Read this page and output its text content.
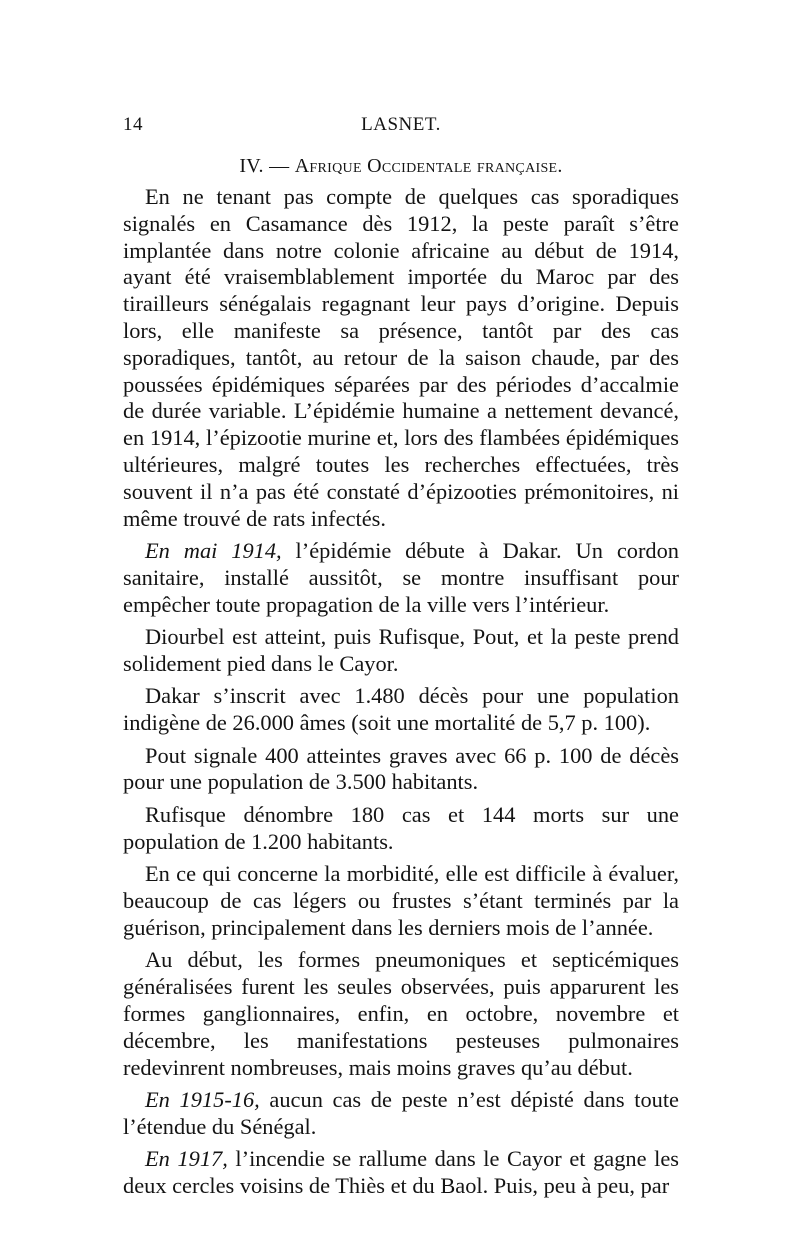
14	LASNET.
IV. — Afrique Occidentale française.

En ne tenant pas compte de quelques cas sporadiques signalés en Casamance dès 1912, la peste paraît s’être implantée dans notre colonie africaine au début de 1914, ayant été vraisemblablement importée du Maroc par des tirailleurs sénégalais regagnant leur pays d’origine. Depuis lors, elle manifeste sa présence, tantôt par des cas sporadiques, tantôt, au retour de la saison chaude, par des poussées épidémiques séparées par des périodes d’accalmie de durée variable. L’épidémie humaine a nettement devancé, en 1914, l’épizootie murine et, lors des flambées épidémiques ultérieures, malgré toutes les recherches effectuées, très souvent il n’a pas été constaté d’épizooties prémonitoires, ni même trouvé de rats infectés.

En mai 1914, l’épidémie débute à Dakar. Un cordon sanitaire, installé aussitôt, se montre insuffisant pour empêcher toute propagation de la ville vers l’intérieur.

Diourbel est atteint, puis Rufisque, Pout, et la peste prend solidement pied dans le Cayor.

Dakar s’inscrit avec 1.480 décès pour une population indigène de 26.000 âmes (soit une mortalité de 5,7 p. 100).

Pout signale 400 atteintes graves avec 66 p. 100 de décès pour une population de 3.500 habitants.

Rufisque dénombre 180 cas et 144 morts sur une population de 1.200 habitants.

En ce qui concerne la morbidité, elle est difficile à évaluer, beaucoup de cas légers ou frustes s’étant terminés par la guérison, principalement dans les derniers mois de l’année.

Au début, les formes pneumoniques et septicémiques généralisées furent les seules observées, puis apparurent les formes ganglionnaires, enfin, en octobre, novembre et décembre, les manifestations pesteuses pulmonaires redevinrent nombreuses, mais moins graves qu’au début.

En 1915-16, aucun cas de peste n’est dépisté dans toute l’étendue du Sénégal.

En 1917, l’incendie se rallume dans le Cayor et gagne les deux cercles voisins de Thiès et du Baol. Puis, peu à peu, par
